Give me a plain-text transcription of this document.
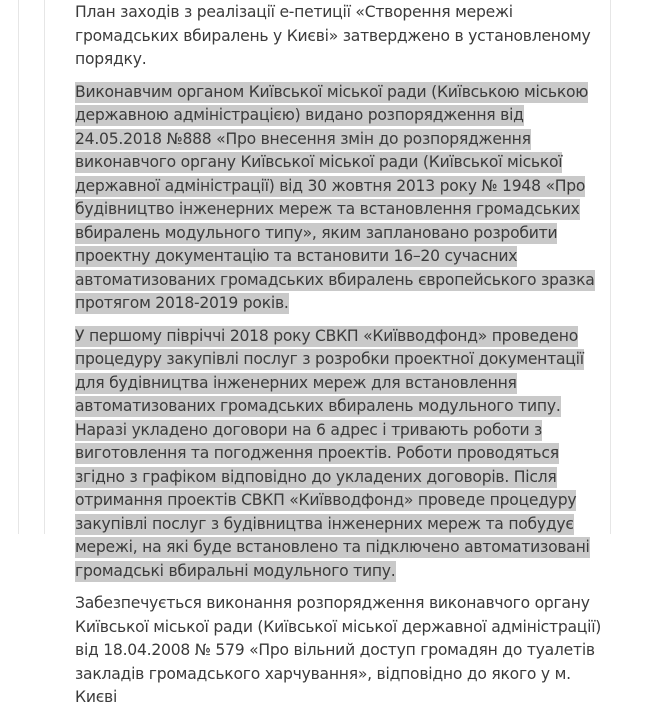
План заходів з реалізації е-петиції «Створення мережі громадських вбиралень у Києві» затверджено в установленому порядку.

Виконавчим органом Київської міської ради (Київською міською державною адміністрацією) видано розпорядження від 24.05.2018 №888 «Про внесення змін до розпорядження виконавчого органу Київської міської ради (Київської міської державної адміністрації) від 30 жовтня 2013 року № 1948 «Про будівництво інженерних мереж та встановлення громадських вбиралень модульного типу», яким заплановано розробити проектну документацію та встановити 16–20 сучасних автоматизованих громадських вбиралень європейського зразка протягом 2018-2019 років.

У першому півріччі 2018 року СВКП «Київводфонд» проведено процедуру закупівлі послуг з розробки проектної документації для будівництва інженерних мереж для встановлення автоматизованих громадських вбиралень модульного типу. Наразі укладено договори на 6 адрес і тривають роботи з виготовлення та погодження проектів. Роботи проводяться згідно з графіком відповідно до укладених договорів. Після отримання проектів СВКП «Київводфонд» проведе процедуру закупівлі послуг з будівництва інженерних мереж та побудує мережі, на які буде встановлено та підключено автоматизовані громадські вбиральні модульного типу.

Забезпечується виконання розпорядження виконавчого органу Київської міської ради (Київської міської державної адміністрації) від 18.04.2008 № 579 «Про вільний доступ громадян до туалетів закладів громадського харчування», відповідно до якого у м. Києві
